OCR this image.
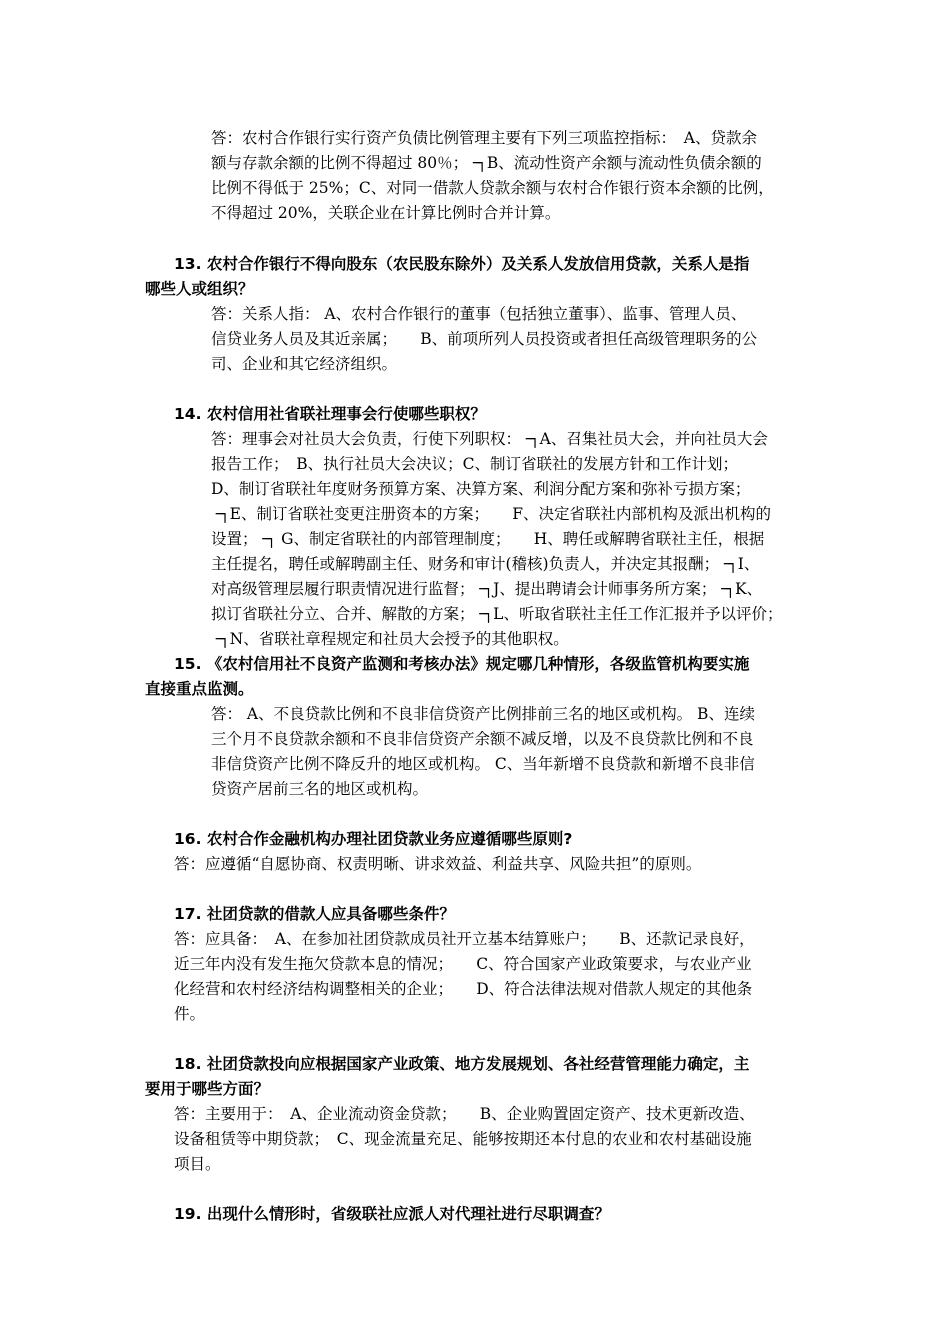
答：农村合作银行实行资产负债比例管理主要有下列三项监控指标：　A、贷款余
额与存款余额的比例不得超过 80％；╶┐B、流动性资产余额与流动性负债余额的
比例不得低于 25%；C、对同一借款人贷款余额与农村合作银行资本余额的比例，
不得超过 20%，关联企业在计算比例时合并计算。
13. 农村合作银行不得向股东（农民股东除外）及关系人发放信用贷款，关系人是指
哪些人或组织？
答：关系人指： A、农村合作银行的董事（包括独立董事）、监事、管理人员、
信贷业务人员及其近亲属；　　B、前项所列人员投资或者担任高级管理职务的公
司、企业和其它经济组织。
14. 农村信用社省联社理事会行使哪些职权？
答：理事会对社员大会负责，行使下列职权：╶┐A、召集社员大会，并向社员大会
报告工作；　B、执行社员大会决议；C、制订省联社的发展方针和工作计划；
D、制订省联社年度财务预算方案、决算方案、利润分配方案和弥补亏损方案；
╶┐E、制订省联社变更注册资本的方案；　　F、决定省联社内部机构及派出机构的
设置；╶┐ G、制定省联社的内部管理制度；　　H、聘任或解聘省联社主任，根据
主任提名，聘任或解聘副主任、财务和审计(稽核)负责人，并决定其报酬；╶┐I、
对高级管理层履行职责情况进行监督；╶┐J、提出聘请会计师事务所方案；╶┐K、
拟订省联社分立、合并、解散的方案；╶┐L、听取省联社主任工作汇报并予以评价；
╶┐N、省联社章程规定和社员大会授予的其他职权。
15. 《农村信用社不良资产监测和考核办法》规定哪几种情形，各级监管机构要实施
直接重点监测。
答： A、不良贷款比例和不良非信贷资产比例排前三名的地区或机构。 B、连续
三个月不良贷款余额和不良非信贷资产余额不减反增，以及不良贷款比例和不良
非信贷资产比例不降反升的地区或机构。 C、当年新增不良贷款和新增不良非信
贷资产居前三名的地区或机构。
16. 农村合作金融机构办理社团贷款业务应遵循哪些原则?
答：应遵循“自愿协商、权责明晰、讲求效益、利益共享、风险共担”的原则。
17. 社团贷款的借款人应具备哪些条件？
答：应具备：　A、在参加社团贷款成员社开立基本结算账户；　　B、还款记录良好，
近三年内没有发生拖欠贷款本息的情况；　　C、符合国家产业政策要求，与农业产业
化经营和农村经济结构调整相关的企业；　　D、符合法律法规对借款人规定的其他条
件。
18. 社团贷款投向应根据国家产业政策、地方发展规划、各社经营管理能力确定，主
要用于哪些方面？
答：主要用于：　A、企业流动资金贷款；　　B、企业购置固定资产、技术更新改造、
设备租赁等中期贷款；　C、现金流量充足、能够按期还本付息的农业和农村基础设施
项目。
19. 出现什么情形时，省级联社应派人对代理社进行尽职调查？
